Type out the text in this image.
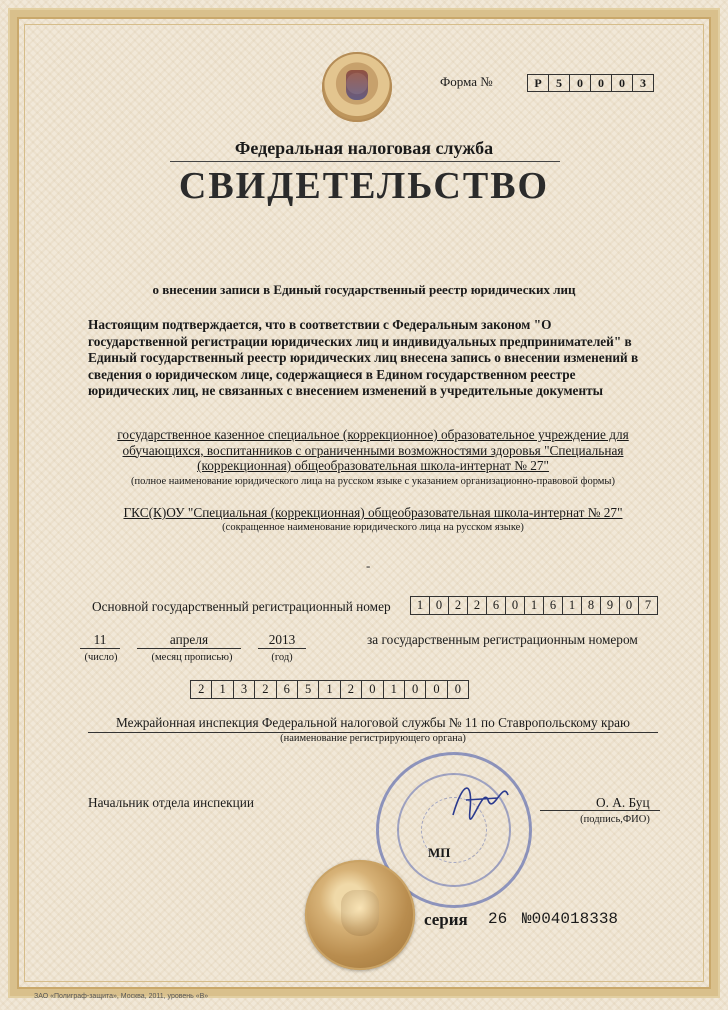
Форма №	Р	5	0	0	0	3
Федеральная налоговая служба
СВИДЕТЕЛЬСТВО
о внесении записи в Единый государственный реестр юридических лиц
Настоящим подтверждается, что в соответствии с Федеральным законом "О государственной регистрации юридических лиц и индивидуальных предпринимателей" в Единый государственный реестр юридических лиц внесена запись о внесении изменений в сведения о юридическом лице, содержащиеся в Едином государственном реестре юридических лиц, не связанных с внесением изменений в учредительные документы
государственное казенное специальное (коррекционное) образовательное учреждение для обучающихся, воспитанников с ограниченными возможностями здоровья "Специальная (коррекционная) общеобразовательная школа-интернат № 27"
(полное наименование юридического лица на русском языке с указанием организационно-правовой формы)
ГКС(К)ОУ "Специальная (коррекционная) общеобразовательная школа-интернат № 27"
(сокращенное наименование юридического лица на русском языке)
-
Основной государственный регистрационный номер	1	0	2	2	6	0	1	6	1	8	9	0	7
11	апреля	2013
(число)	(месяц прописью)	(год)
за государственным регистрационным номером
2	1	3	2	6	5	1	2	0	1	0	0	0
Межрайонная инспекция Федеральной налоговой службы № 11 по Ставропольскому краю
(наименование регистрирующего органа)
Начальник отдела инспекции	О. А. Буц
(подпись,ФИО)
МП
серия 26 №004018338
ЗАО «Полиграф-защита», Москва, 2011, уровень «В»
